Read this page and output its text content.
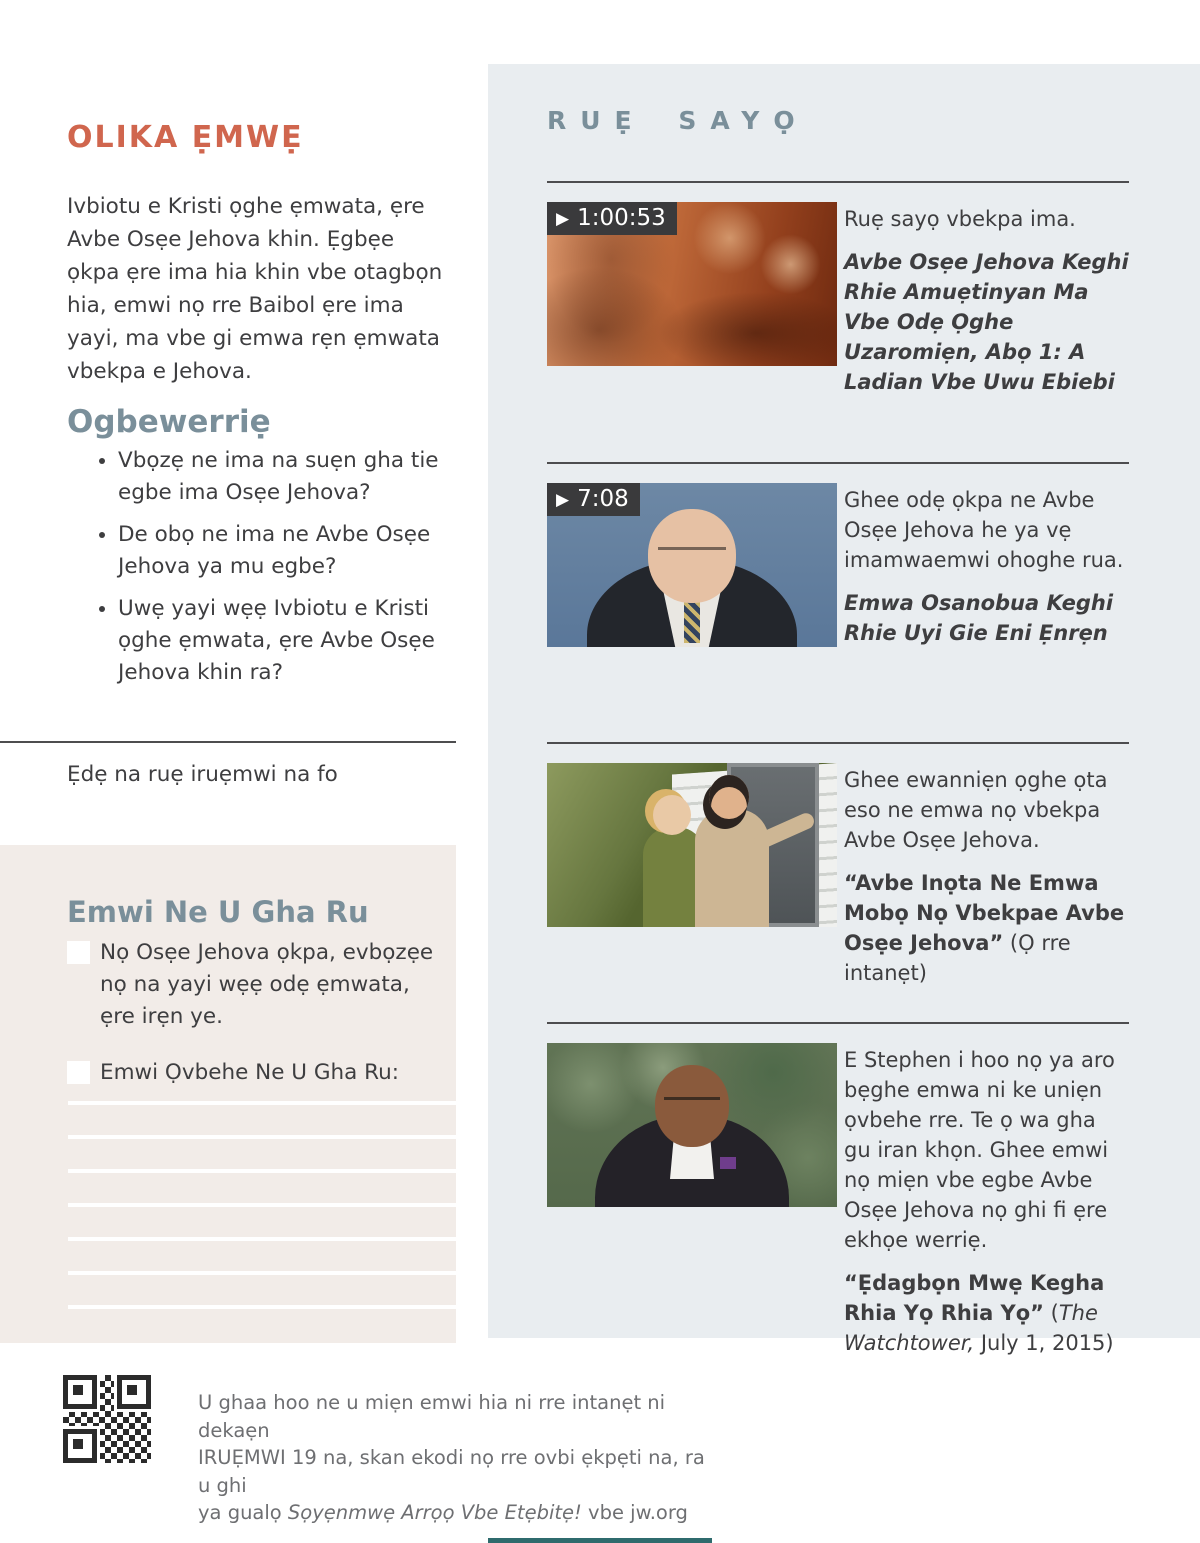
OLIKA ẸMWẸ

Ivbiotu e Kristi ọghe ẹmwata, ẹre Avbe Osẹe Jehova khin. Ẹgbẹe ọkpa ẹre ima hia khin vbe otagbọn hia, emwi nọ rre Baibol ẹre ima yayi, ma vbe gi emwa rẹn ẹmwata vbekpa e Jehova.

Ogbewerriẹ
• Vbọzẹ ne ima na suẹn gha tie egbe ima Osẹe Jehova?
• De obọ ne ima ne Avbe Osẹe Jehova ya mu egbe?
• Uwẹ yayi wẹẹ Ivbiotu e Kristi ọghe ẹmwata, ẹre Avbe Osẹe Jehova khin ra?
Ẹdẹ na ruẹ iruẹmwi na fo
Emwi Ne U Gha Ru
Nọ Osẹe Jehova ọkpa, evbọzẹe nọ na yayi wẹẹ odẹ ẹmwata, ẹre irẹn ye.
Emwi Ọvbehe Ne U Gha Ru:
U ghaa hoo ne u miẹn emwi hia ni rre intanẹt ni dekaẹn
IRUẸMWI 19 na, skan ekodi nọ rre ovbi ẹkpẹti na, ra u ghi
ya gualọ Sọyẹnmwẹ Arrọọ Vbe Etẹbitẹ! vbe jw.org
RUẸ SAYỌ
▶ 1:00:53	Ruẹ sayọ vbekpa ima.

Avbe Osẹe Jehova Keghi Rhie Amuẹtinyan Ma Vbe Odẹ Ọghe Uzaromiẹn, Abọ 1: A Ladian Vbe Uwu Ebiebi
▶ 7:08	Ghee odẹ ọkpa ne Avbe Osẹe Jehova he ya vẹ imamwaemwi ohoghe rua.

Emwa Osanobua Keghi Rhie Uyi Gie Eni Ẹnrẹn

Ghee ewanniẹn ọghe ọta eso ne emwa nọ vbekpa Avbe Osẹe Jehova.

“Avbe Inọta Ne Emwa Mobọ Nọ Vbekpae Avbe Osẹe Jehova” (Ọ rre intanẹt)

E Stephen i hoo nọ ya aro bẹghe emwa ni ke uniẹn ọvbehe rre. Te ọ wa gha gu iran khọn. Ghee emwi nọ miẹn vbe egbe Avbe Osẹe Jehova nọ ghi fi ẹre ekhọe werriẹ.

“Ẹdagbọn Mwẹ Kegha Rhia Yọ Rhia Yọ” (The Watchtower, July 1, 2015)
